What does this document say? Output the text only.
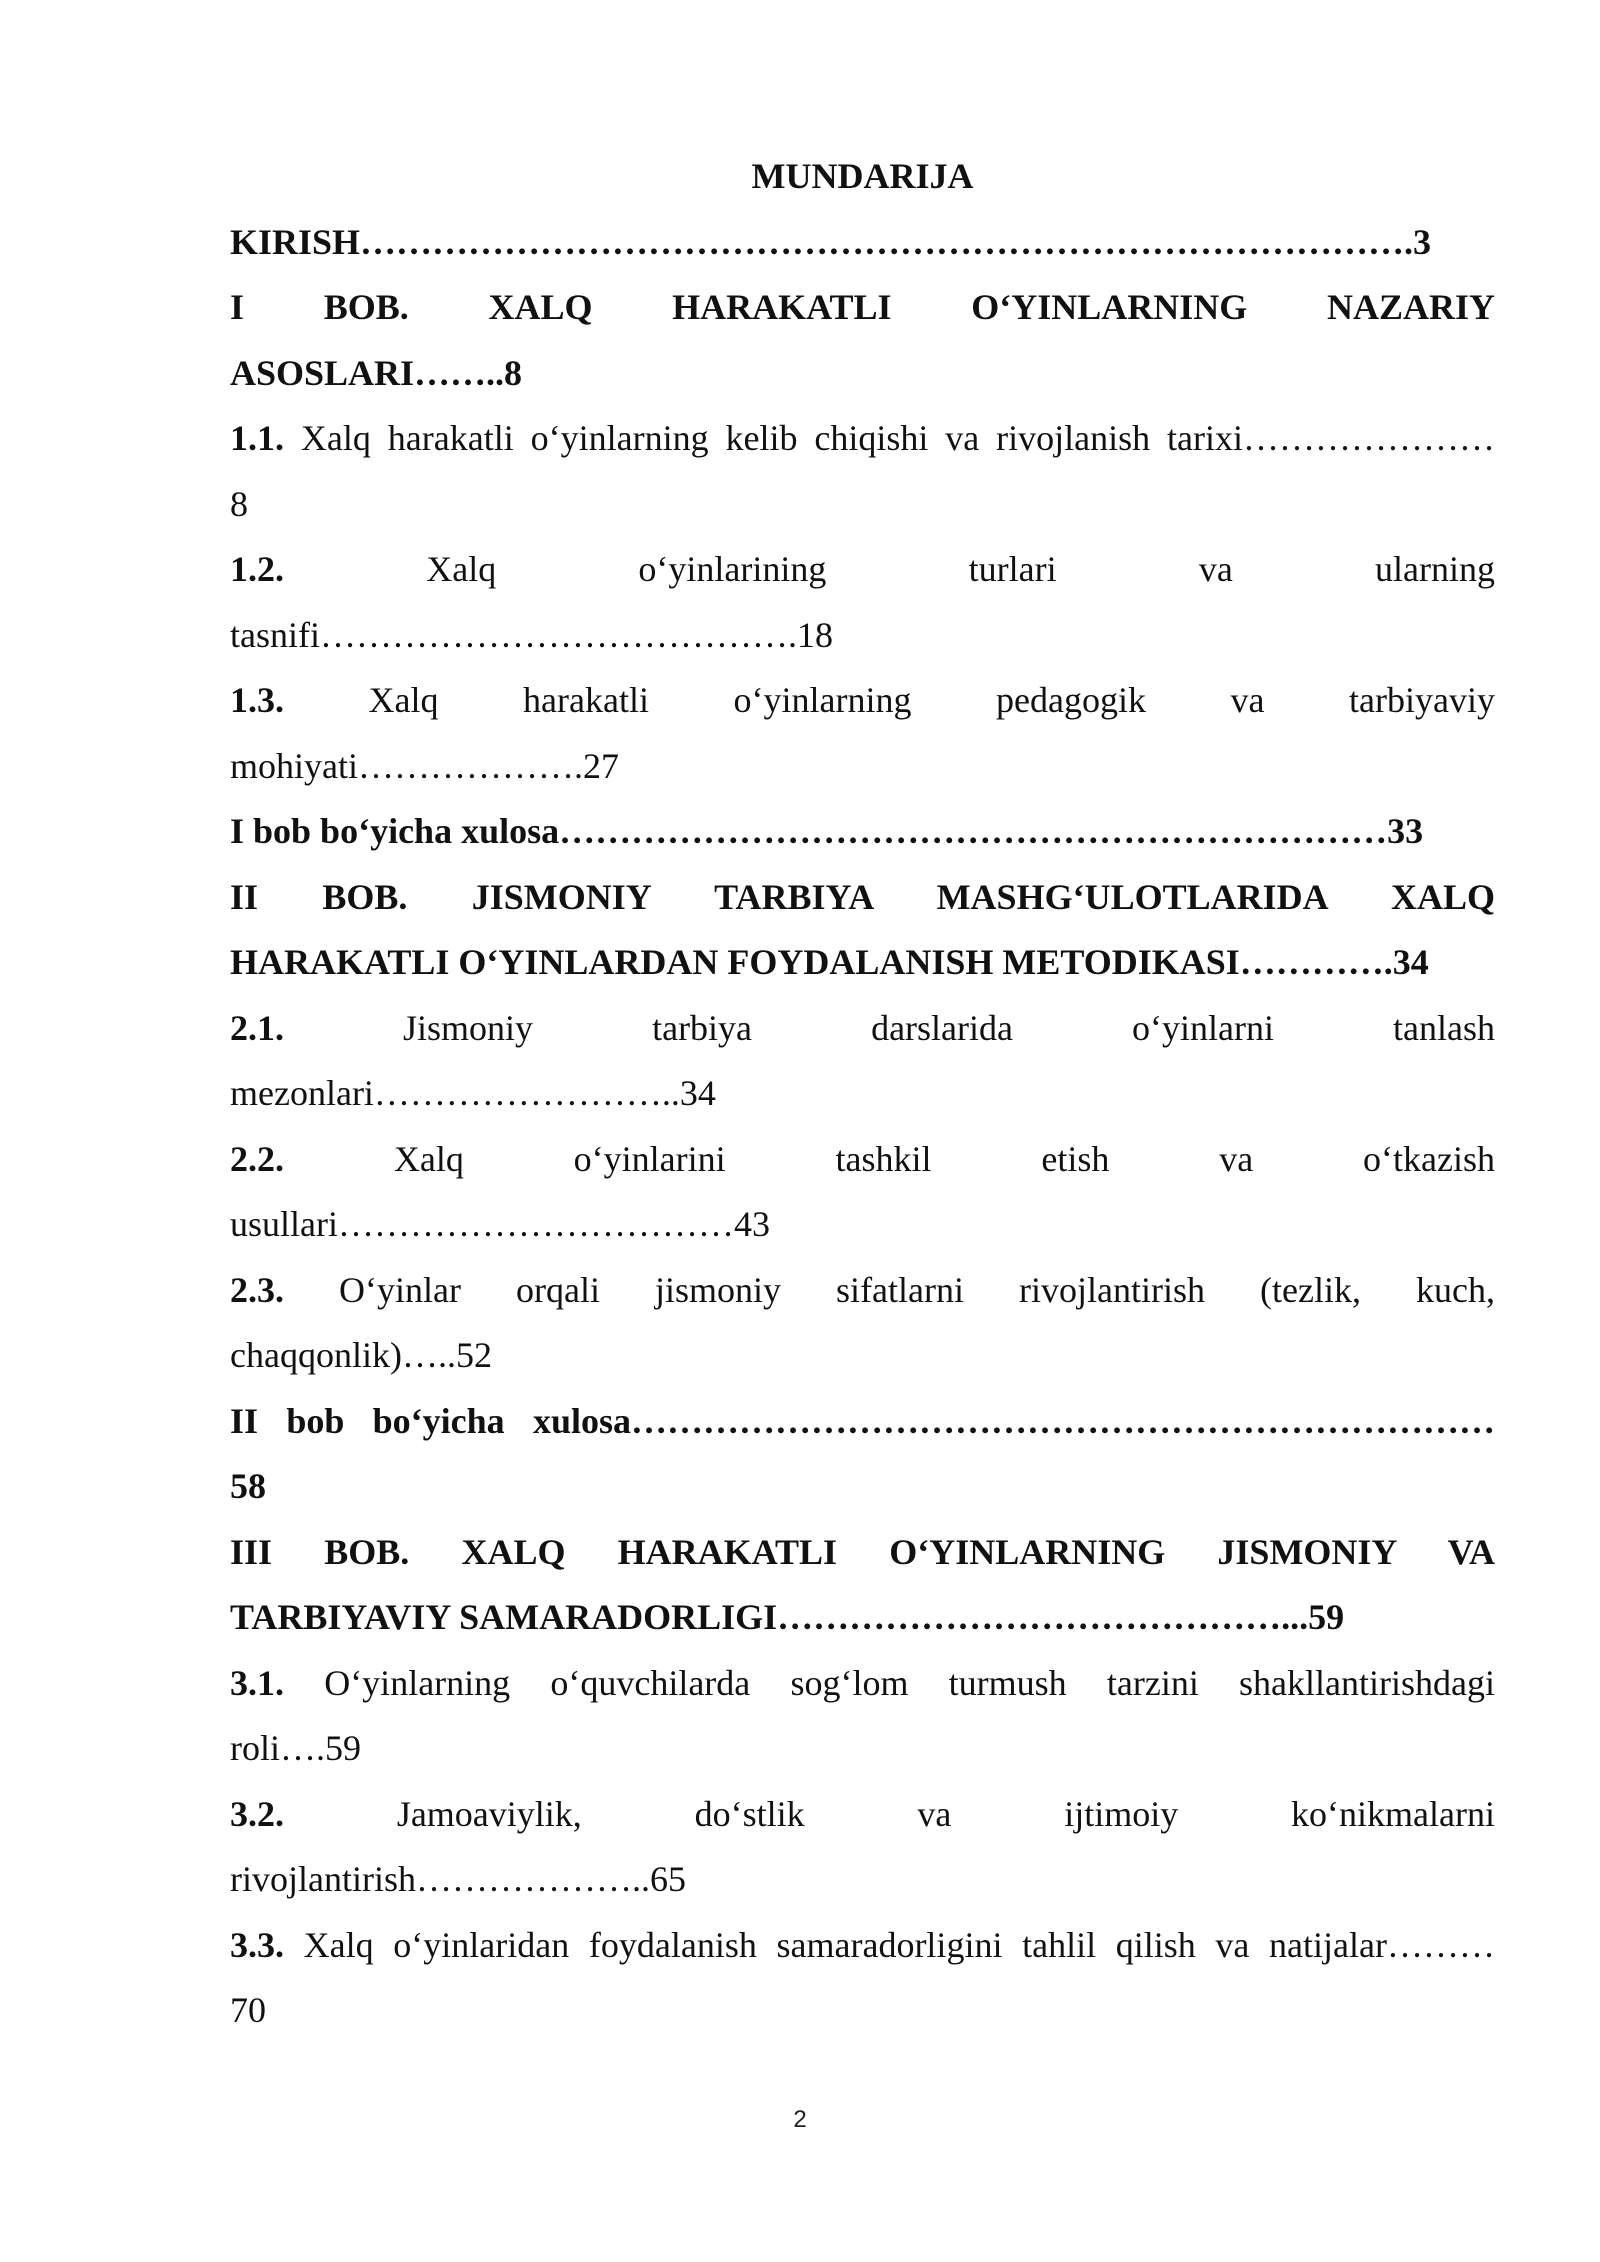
MUNDARIJA

KIRISH…………………………………………………………………………….3

I BOB. XALQ HARAKATLI O‘YINLARNING NAZARIY
ASOSLARI……..8

1.1. Xalq harakatli o‘yinlarning kelib chiqishi va rivojlanish tarixi…………………
8

1.2. Xalq o‘yinlarining turlari va ularning
tasnifi………………………………….18

1.3. Xalq harakatli o‘yinlarning pedagogik va tarbiyaviy
mohiyati……………….27

I bob bo‘yicha xulosa……………………………………………………………33

II BOB. JISMONIY TARBIYA MASHG‘ULOTLARIDA XALQ
HARAKATLI O‘YINLARDAN FOYDALANISH METODIKASI………….34

2.1. Jismoniy tarbiya darslarida o‘yinlarni tanlash
mezonlari……………………..34

2.2. Xalq o‘yinlarini tashkil etish va o‘tkazish
usullari……………………………43

2.3. O‘yinlar orqali jismoniy sifatlarni rivojlantirish (tezlik, kuch,
chaqqonlik)…..52

II bob bo‘yicha xulosa………………………………………………………………
58

III BOB. XALQ HARAKATLI O‘YINLARNING JISMONIY VA
TARBIYAVIY SAMARADORLIGI……………………………………...59

3.1. O‘yinlarning o‘quvchilarda sog‘lom turmush tarzini shakllantirishdagi
roli….59

3.2. Jamoaviylik, do‘stlik va ijtimoiy ko‘nikmalarni
rivojlantirish………………..65

3.3. Xalq o‘yinlaridan foydalanish samaradorligini tahlil qilish va natijalar………
70

2
